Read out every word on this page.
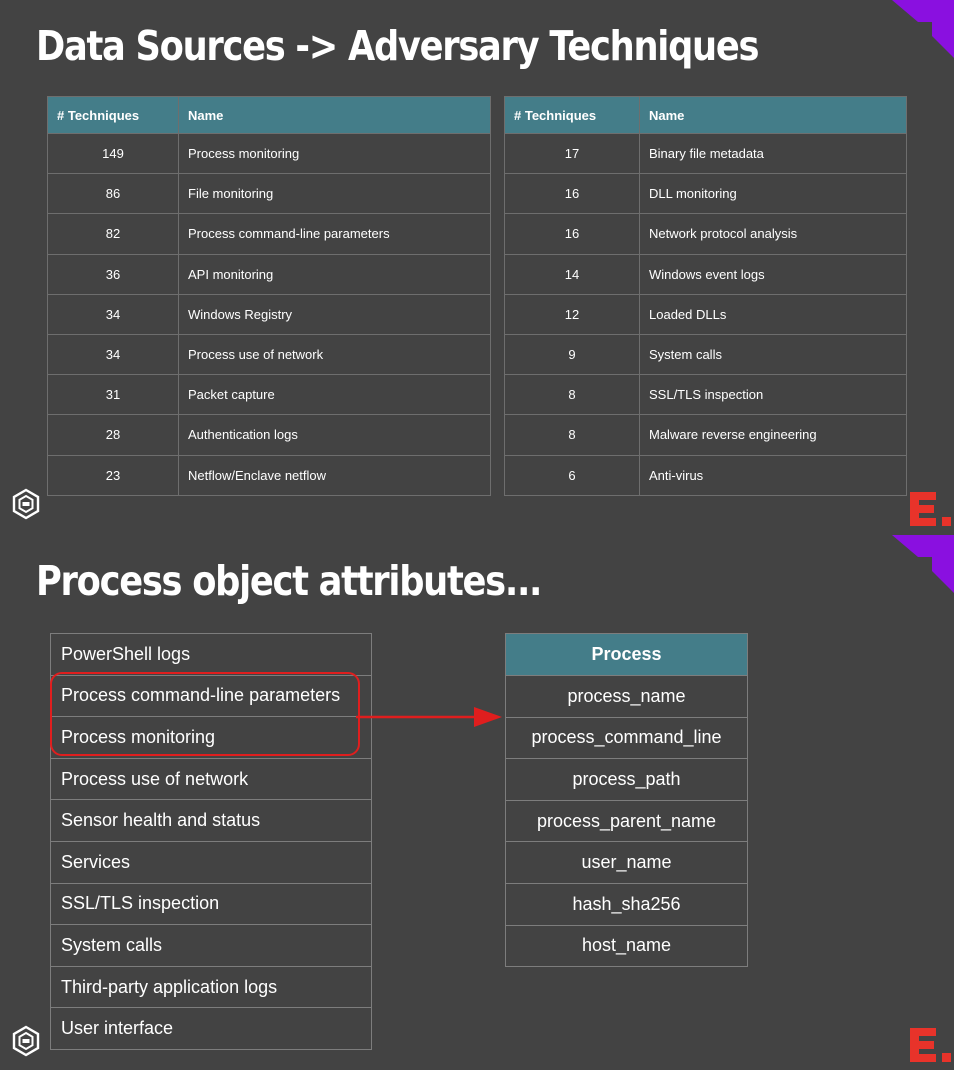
Data Sources -> Adversary Techniques
# Techniques	Name
149	Process monitoring
86	File monitoring
82	Process command-line parameters
36	API monitoring
34	Windows Registry
34	Process use of network
31	Packet capture
28	Authentication logs
23	Netflow/Enclave netflow
# Techniques	Name
17	Binary file metadata
16	DLL monitoring
16	Network protocol analysis
14	Windows event logs
12	Loaded DLLs
9	System calls
8	SSL/TLS inspection
8	Malware reverse engineering
6	Anti-virus
Process object attributes...
PowerShell logs
Process command-line parameters
Process monitoring
Process use of network
Sensor health and status
Services
SSL/TLS inspection
System calls
Third-party application logs
User interface
Process
process_name
process_command_line
process_path
process_parent_name
user_name
hash_sha256
host_name
